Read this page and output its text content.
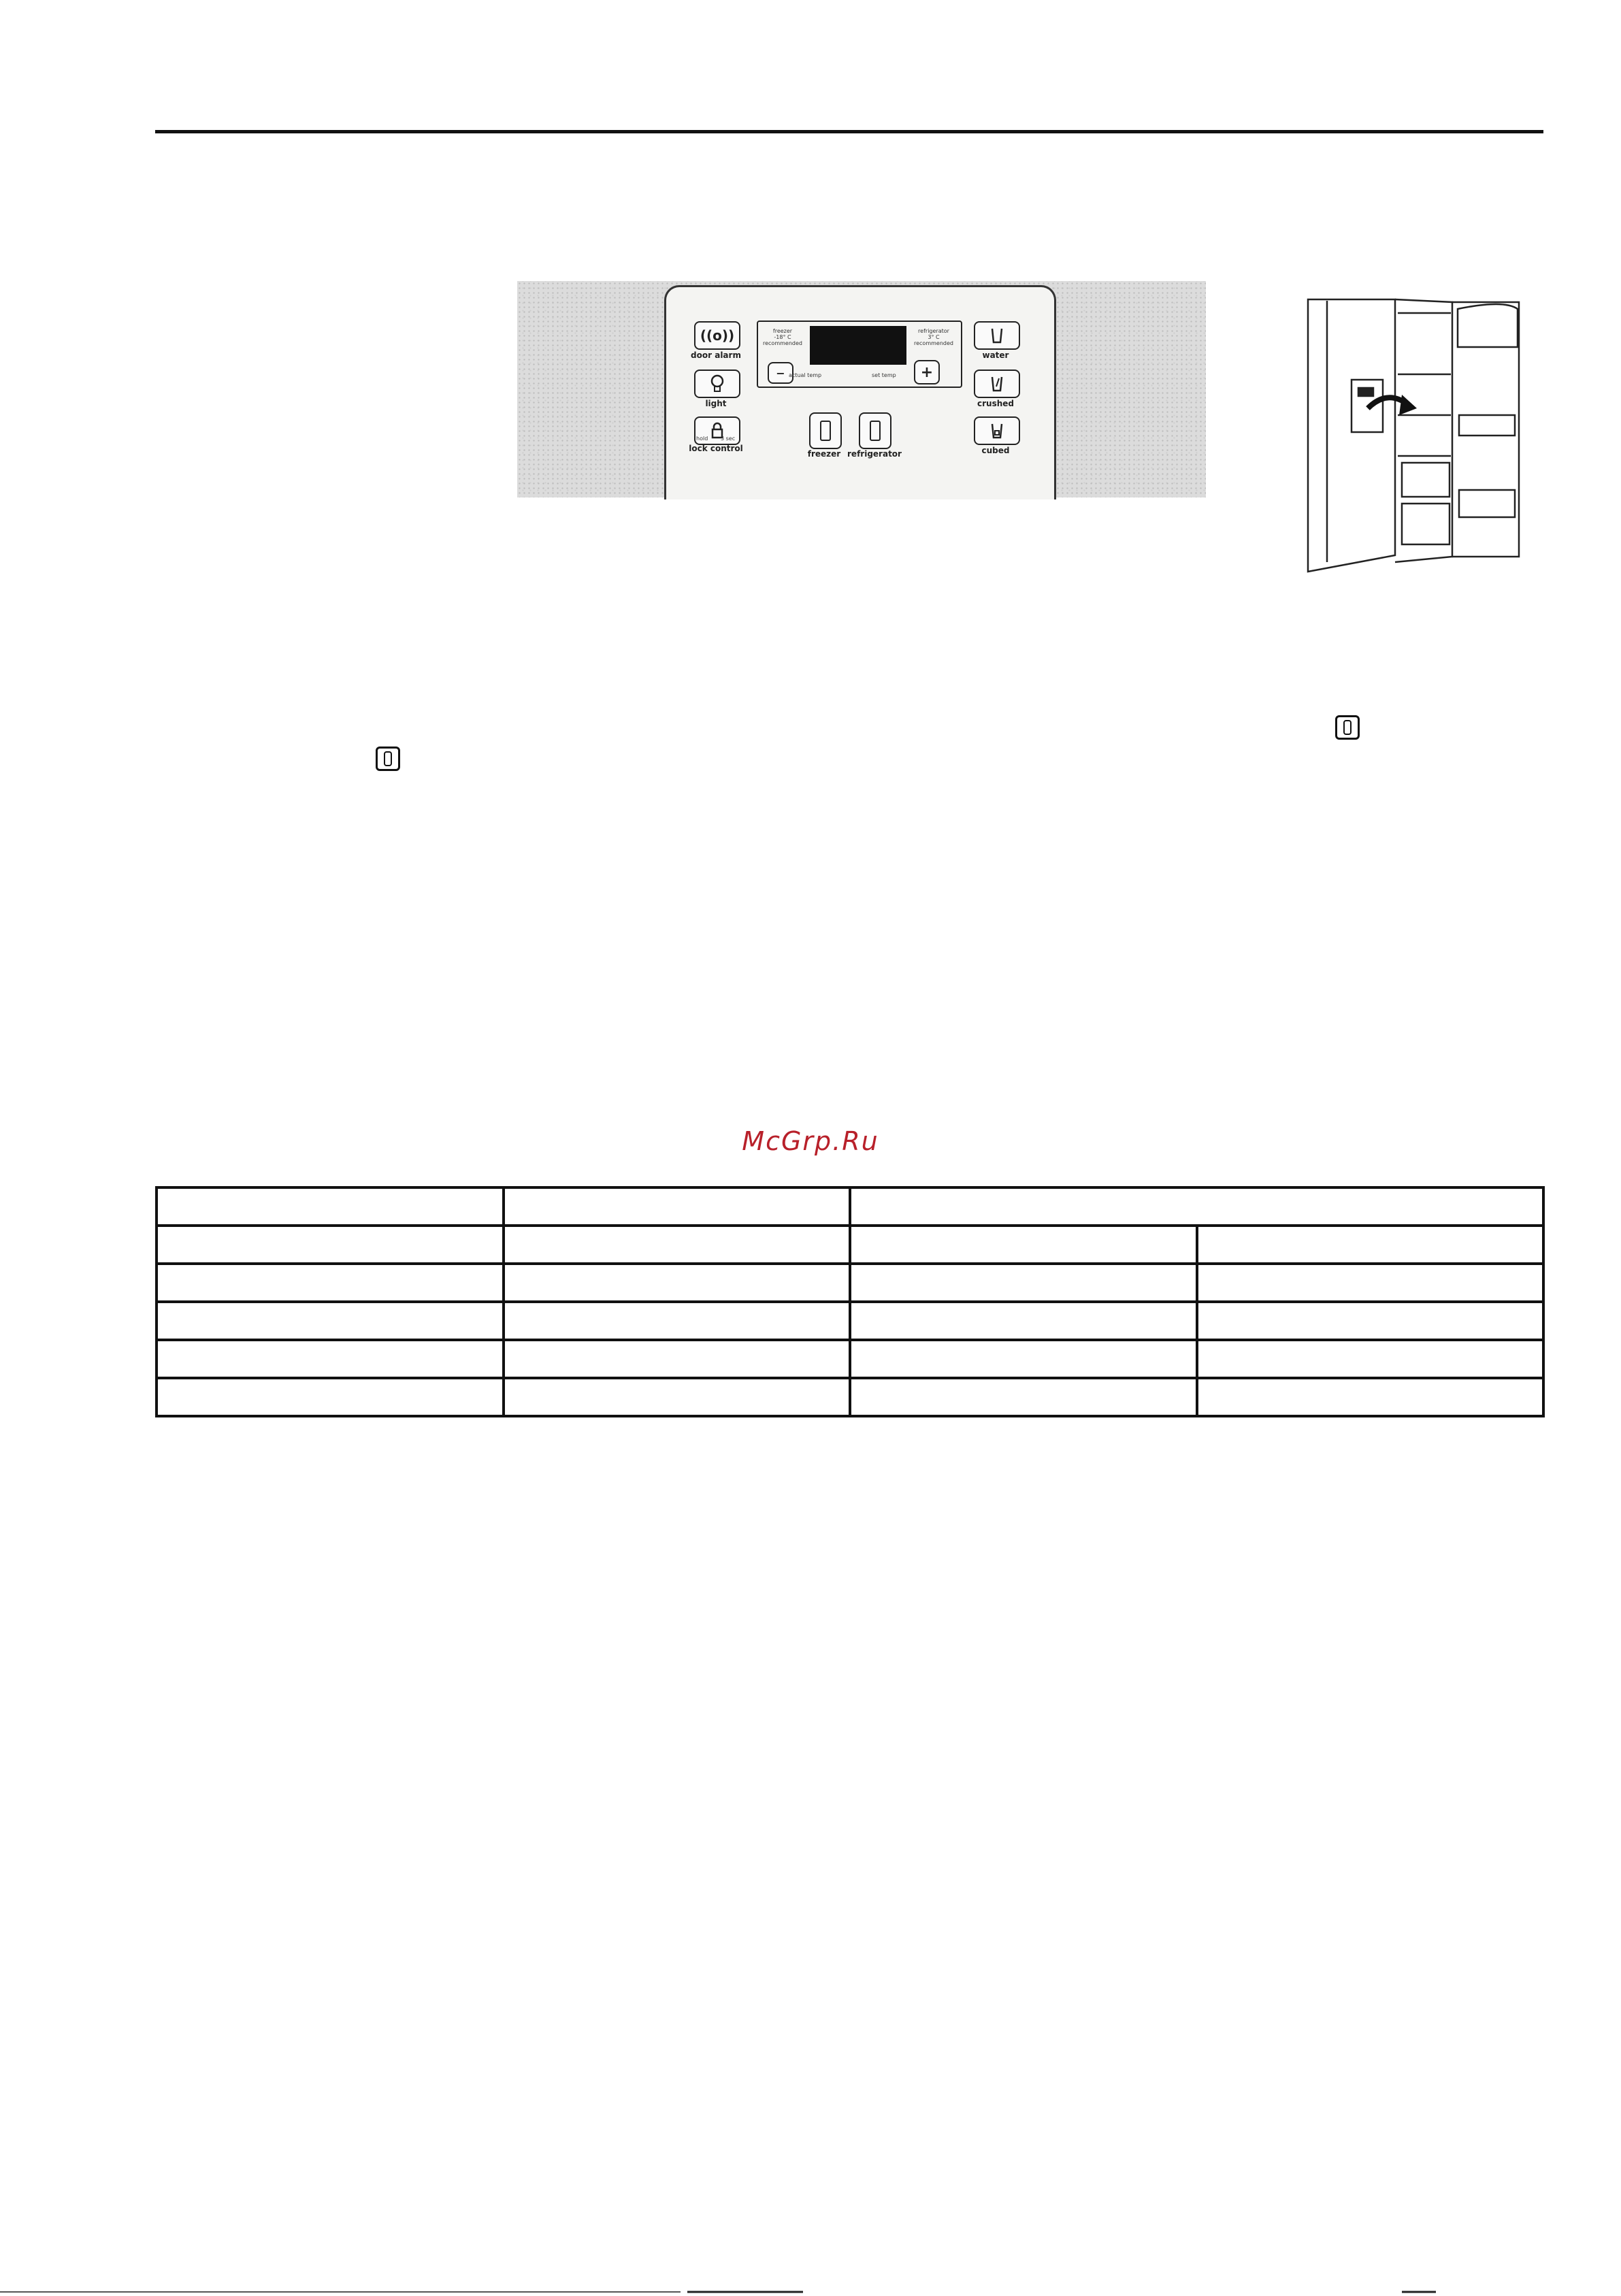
((o))
door alarm
light
hold 3 sec
lock control
freezer
-18° C
recommended
refrigerator
3° C
recommended
−	+
actual temp	set temp
freezer refrigerator
water
crushed
cubed
McGrp.Ru
